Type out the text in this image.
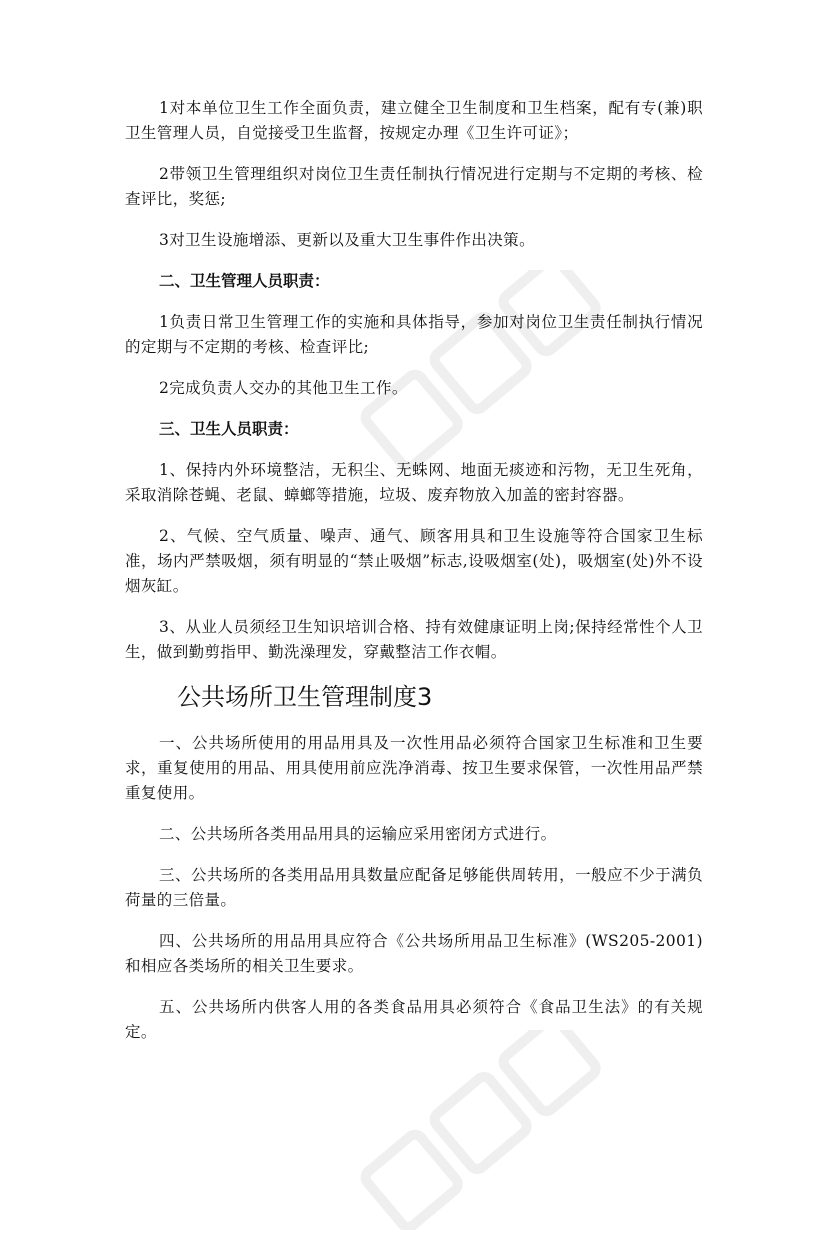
1对本单位卫生工作全面负责，建立健全卫生制度和卫生档案，配有专(兼)职卫生管理人员，自觉接受卫生监督，按规定办理《卫生许可证》；

2带领卫生管理组织对岗位卫生责任制执行情况进行定期与不定期的考核、检查评比，奖惩;

3对卫生设施增添、更新以及重大卫生事件作出决策。

二、卫生管理人员职责：

1负责日常卫生管理工作的实施和具体指导，参加对岗位卫生责任制执行情况的定期与不定期的考核、检查评比;

2完成负责人交办的其他卫生工作。

三、卫生人员职责：

1、保持内外环境整洁，无积尘、无蛛网、地面无痰迹和污物，无卫生死角，采取消除苍蝇、老鼠、蟑螂等措施，垃圾、废弃物放入加盖的密封容器。

2、气候、空气质量、噪声、通气、顾客用具和卫生设施等符合国家卫生标准，场内严禁吸烟，须有明显的“禁止吸烟”标志,设吸烟室(处)，吸烟室(处)外不设烟灰缸。

3、从业人员须经卫生知识培训合格、持有效健康证明上岗;保持经常性个人卫生，做到勤剪指甲、勤洗澡理发，穿戴整洁工作衣帽。

公共场所卫生管理制度3

一、公共场所使用的用品用具及一次性用品必须符合国家卫生标准和卫生要求，重复使用的用品、用具使用前应洗净消毒、按卫生要求保管，一次性用品严禁重复使用。

二、公共场所各类用品用具的运输应采用密闭方式进行。

三、公共场所的各类用品用具数量应配备足够能供周转用，一般应不少于满负荷量的三倍量。

四、公共场所的用品用具应符合《公共场所用品卫生标准》(WS205-2001)和相应各类场所的相关卫生要求。

五、公共场所内供客人用的各类食品用具必须符合《食品卫生法》的有关规定。
